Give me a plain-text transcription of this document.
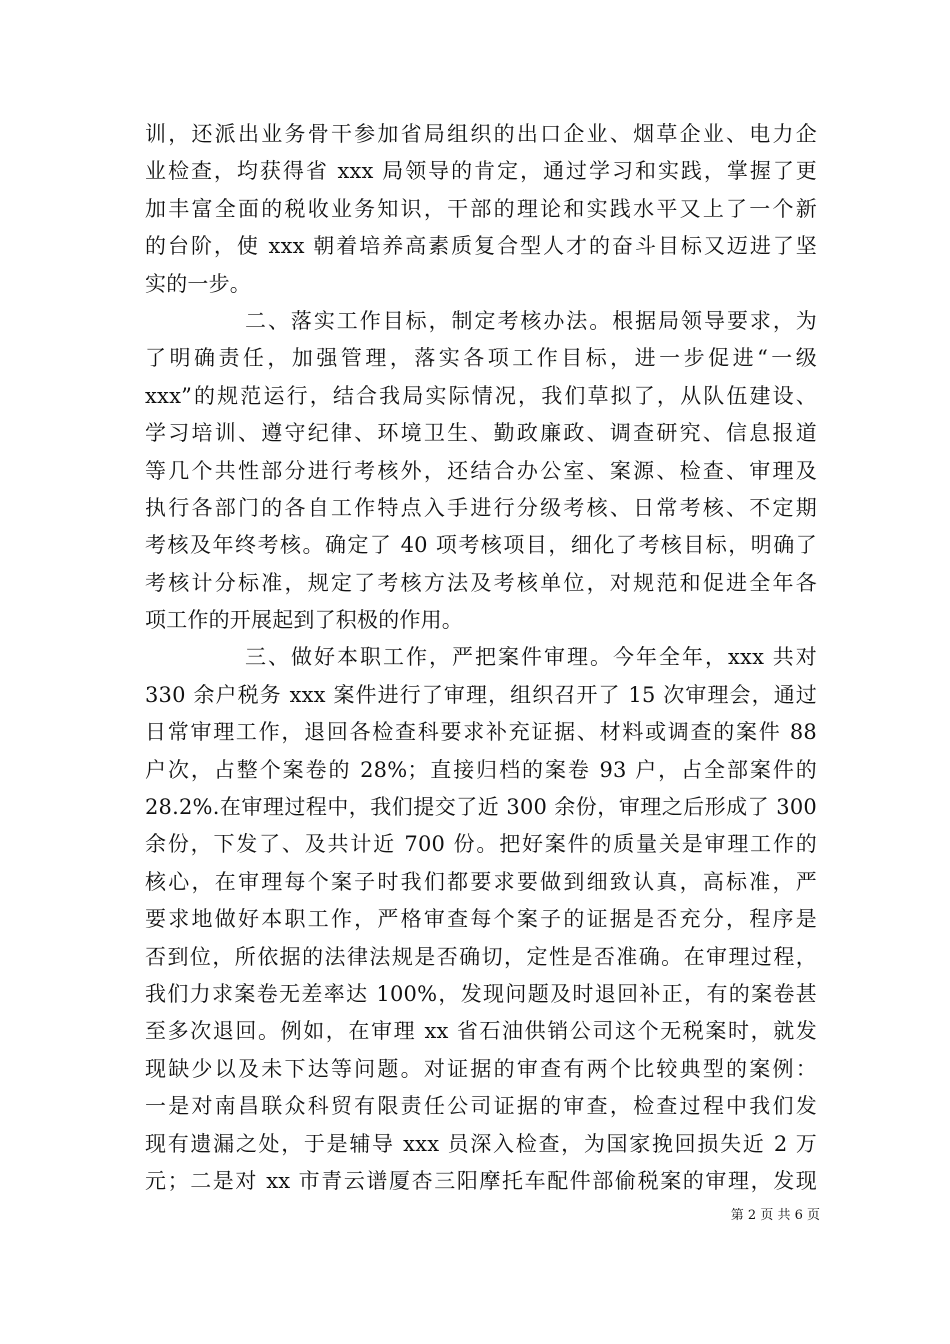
训，还派出业务骨干参加省局组织的出口企业、烟草企业、电力企
业检查，均获得省 xxx 局领导的肯定，通过学习和实践，掌握了更
加丰富全面的税收业务知识，干部的理论和实践水平又上了一个新
的台阶，使 xxx 朝着培养高素质复合型人才的奋斗目标又迈进了坚
实的一步。
二、落实工作目标，制定考核办法。根据局领导要求，为
了明确责任，加强管理，落实各项工作目标，进一步促进“一级
xxx”的规范运行，结合我局实际情况，我们草拟了，从队伍建设、
学习培训、遵守纪律、环境卫生、勤政廉政、调查研究、信息报道
等几个共性部分进行考核外，还结合办公室、案源、检查、审理及
执行各部门的各自工作特点入手进行分级考核、日常考核、不定期
考核及年终考核。确定了 40 项考核项目，细化了考核目标，明确了
考核计分标准，规定了考核方法及考核单位，对规范和促进全年各
项工作的开展起到了积极的作用。
三、做好本职工作，严把案件审理。今年全年，xxx 共对
330 余户税务 xxx 案件进行了审理，组织召开了 15 次审理会，通过
日常审理工作，退回各检查科要求补充证据、材料或调查的案件 88
户次，占整个案卷的 28%；直接归档的案卷 93 户，占全部案件的
28.2%.在审理过程中，我们提交了近 300 余份，审理之后形成了 300
余份，下发了、及共计近 700 份。把好案件的质量关是审理工作的
核心，在审理每个案子时我们都要求要做到细致认真，高标准，严
要求地做好本职工作，严格审查每个案子的证据是否充分，程序是
否到位，所依据的法律法规是否确切，定性是否准确。在审理过程，
我们力求案卷无差率达 100%，发现问题及时退回补正，有的案卷甚
至多次退回。例如，在审理 xx 省石油供销公司这个无税案时，就发
现缺少以及未下达等问题。对证据的审查有两个比较典型的案例：
一是对南昌联众科贸有限责任公司证据的审查，检查过程中我们发
现有遗漏之处，于是辅导 xxx 员深入检查，为国家挽回损失近 2 万
元；二是对 xx 市青云谱厦杏三阳摩托车配件部偷税案的审理，发现
第 2 页 共 6 页
